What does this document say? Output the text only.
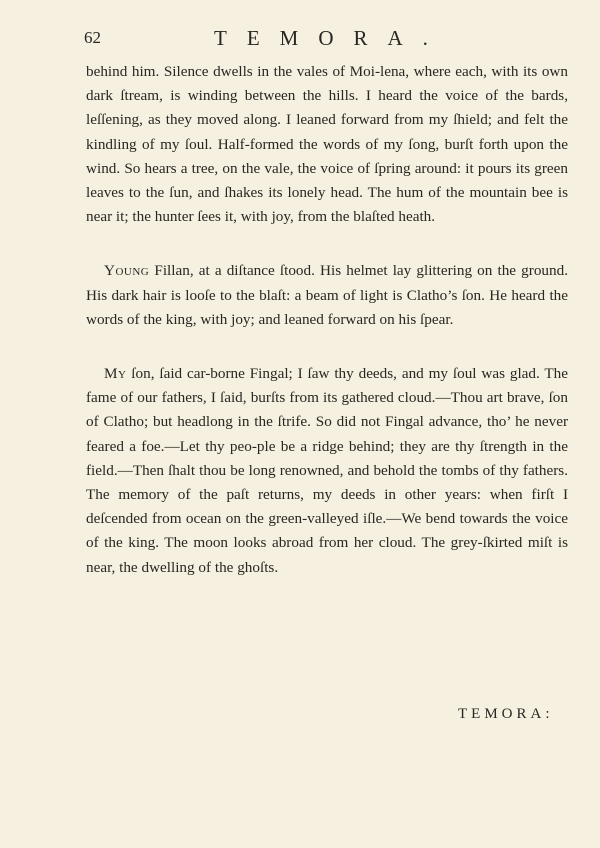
62	TEMORA.

behind him. Silence dwells in the vales of Moi-lena, where each, with its own dark ſtream, is winding between the hills. I heard the voice of the bards, leſſening, as they moved along. I leaned forward from my ſhield; and felt the kindling of my ſoul. Half-formed the words of my ſong, burſt forth upon the wind. So hears a tree, on the vale, the voice of ſpring around: it pours its green leaves to the ſun, and ſhakes its lonely head. The hum of the mountain bee is near it; the hunter ſees it, with joy, from the blaſted heath.

Young Fillan, at a diſtance ſtood. His helmet lay glittering on the ground. His dark hair is looſe to the blaſt: a beam of light is Clatho’s ſon. He heard the words of the king, with joy; and leaned forward on his ſpear.

My ſon, ſaid car-borne Fingal; I ſaw thy deeds, and my ſoul was glad. The fame of our fathers, I ſaid, burſts from its gathered cloud.—Thou art brave, ſon of Clatho; but headlong in the ſtrife. So did not Fingal advance, tho’ he never feared a foe.—Let thy peo-ple be a ridge behind; they are thy ſtrength in the field.—Then ſhalt thou be long renowned, and behold the tombs of thy fathers. The memory of the paſt returns, my deeds in other years: when firſt I deſcended from ocean on the green-valleyed iſle.—We bend towards the voice of the king. The moon looks abroad from her cloud. The grey-ſkirted miſt is near, the dwelling of the ghoſts.

TEMORA:
